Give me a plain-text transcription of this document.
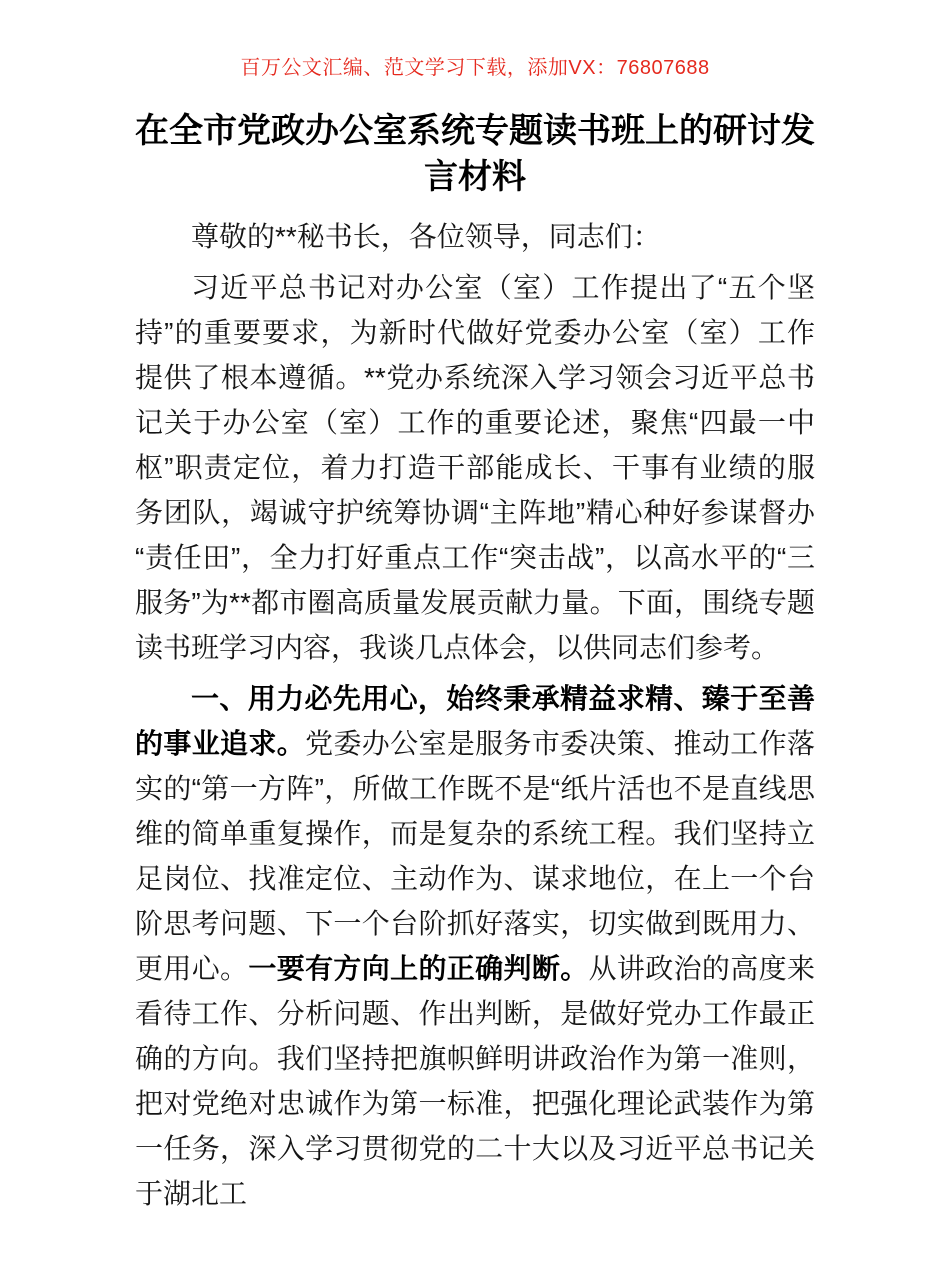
百万公文汇编、范文学习下载，添加VX：76807688
在全市党政办公室系统专题读书班上的研讨发言材料

尊敬的**秘书长，各位领导，同志们：

习近平总书记对办公室（室）工作提出了“五个坚持”的重要要求，为新时代做好党委办公室（室）工作提供了根本遵循。**党办系统深入学习领会习近平总书记关于办公室（室）工作的重要论述，聚焦“四最一中枢”职责定位，着力打造干部能成长、干事有业绩的服务团队，竭诚守护统筹协调“主阵地”精心种好参谋督办“责任田”，全力打好重点工作“突击战”，以高水平的“三服务”为**都市圈高质量发展贡献力量。下面，围绕专题读书班学习内容，我谈几点体会，以供同志们参考。

一、用力必先用心，始终秉承精益求精、臻于至善的事业追求。党委办公室是服务市委决策、推动工作落实的“第一方阵”，所做工作既不是“纸片活也不是直线思维的简单重复操作，而是复杂的系统工程。我们坚持立足岗位、找准定位、主动作为、谋求地位，在上一个台阶思考问题、下一个台阶抓好落实，切实做到既用力、更用心。一要有方向上的正确判断。从讲政治的高度来看待工作、分析问题、作出判断，是做好党办工作最正确的方向。我们坚持把旗帜鲜明讲政治作为第一准则，把对党绝对忠诚作为第一标准，把强化理论武装作为第一任务，深入学习贯彻党的二十大以及习近平总书记关于湖北工
